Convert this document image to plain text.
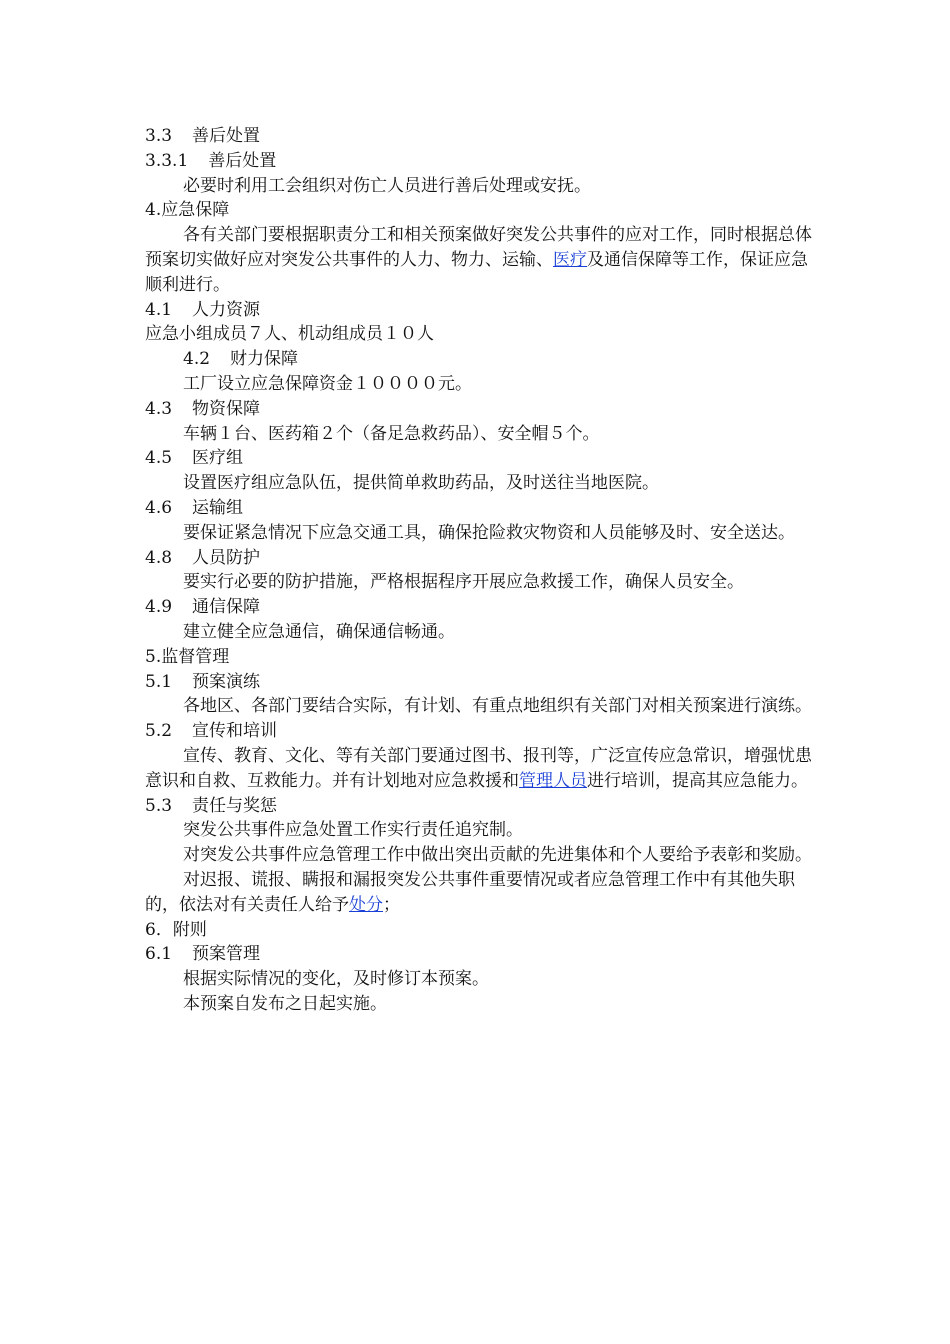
3.3 善后处置
3.3.1 善后处置
必要时利用工会组织对伤亡人员进行善后处理或安抚。
4.应急保障

各有关部门要根据职责分工和相关预案做好突发公共事件的应对工作，同时根据总体预案切实做好应对突发公共事件的人力、物力、运输、医疗及通信保障等工作，保证应急顺利进行。

4.1 人力资源
应急小组成员７人、机动组成员１０人
4.2 财力保障
工厂设立应急保障资金１００００元。
4.3 物资保障
车辆１台、医药箱２个（备足急救药品）、安全帽５个。
4.5 医疗组
设置医疗组应急队伍，提供简单救助药品，及时送往当地医院。
4.6 运输组

要保证紧急情况下应急交通工具，确保抢险救灾物资和人员能够及时、安全送达。

4.8 人员防护
要实行必要的防护措施，严格根据程序开展应急救援工作，确保人员安全。
4.9 通信保障
建立健全应急通信，确保通信畅通。
5.监督管理
5.1 预案演练

各地区、各部门要结合实际，有计划、有重点地组织有关部门对相关预案进行演练。

5.2 宣传和培训

宣传、教育、文化、等有关部门要通过图书、报刊等，广泛宣传应急常识，增强忧患意识和自救、互救能力。并有计划地对应急救援和管理人员进行培训，提高其应急能力。

5.3 责任与奖惩
突发公共事件应急处置工作实行责任追究制。

对突发公共事件应急管理工作中做出突出贡献的先进集体和个人要给予表彰和奖励。

对迟报、谎报、瞒报和漏报突发公共事件重要情况或者应急管理工作中有其他失职的，依法对有关责任人给予处分；

6．附则
6.1 预案管理
根据实际情况的变化，及时修订本预案。
本预案自发布之日起实施。
